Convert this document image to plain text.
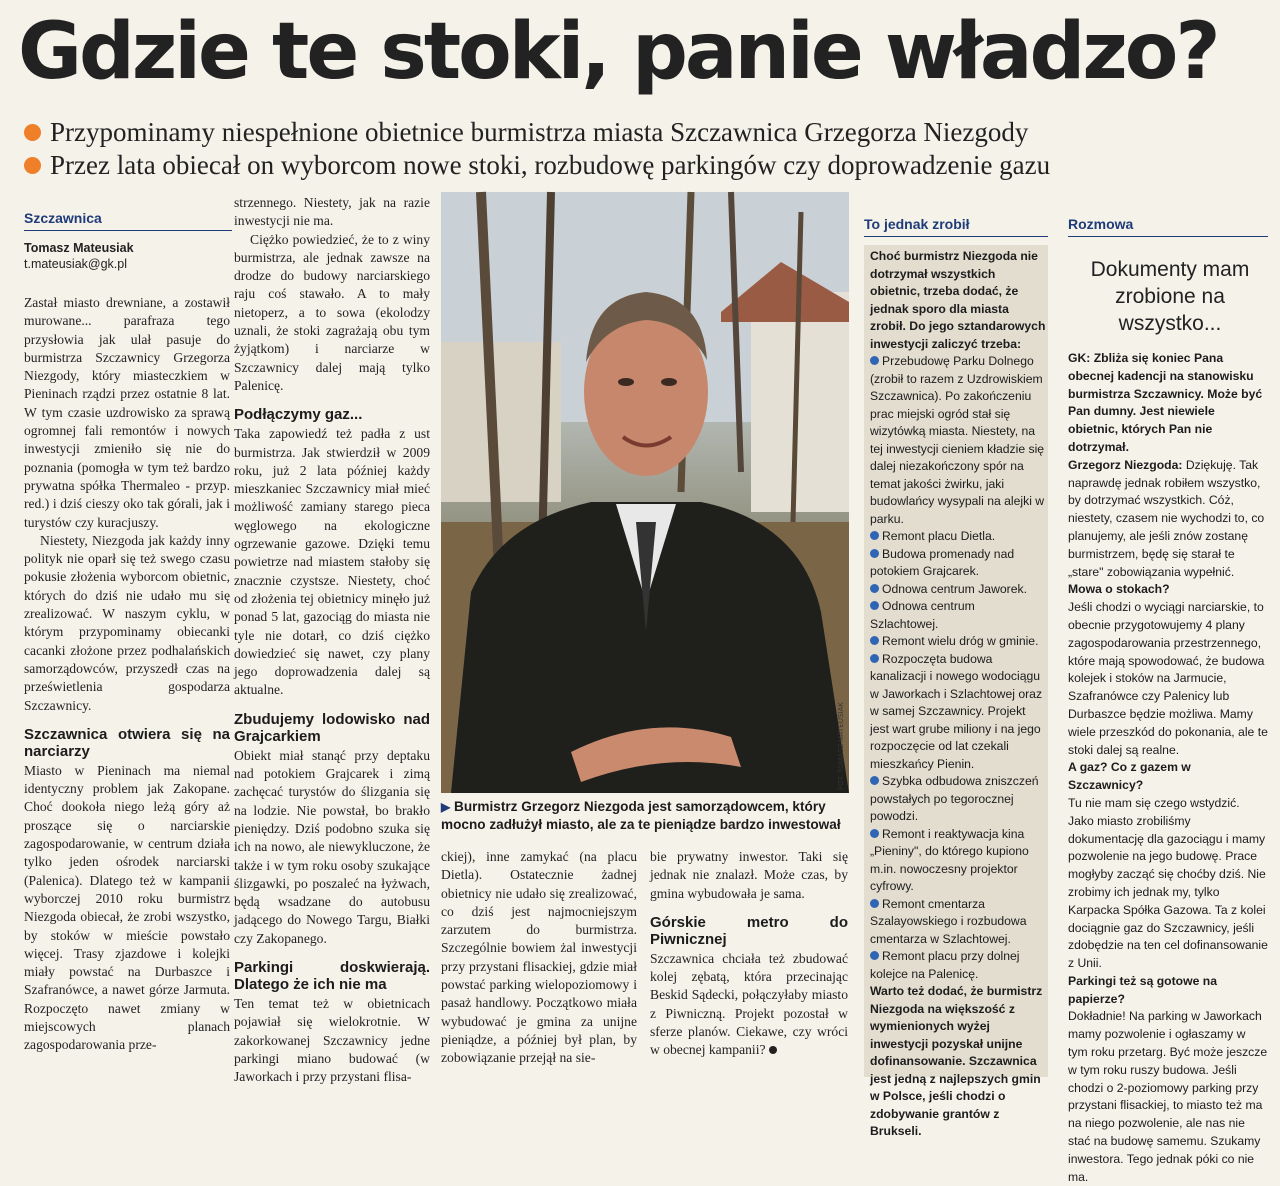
Gdzie te stoki, panie władzo?
Przypominamy niespełnione obietnice burmistrza miasta Szczawnica Grzegorza Niezgody
Przez lata obiecał on wyborcom nowe stoki, rozbudowę parkingów czy doprowadzenie gazu
Szczawnica
Tomasz Mateusiak
t.mateusiak@gk.pl

Zastał miasto drewniane, a zostawił murowane... parafraza tego przysłowia jak ulał pasuje do burmistrza Szczawnicy Grzegorza Niezgody, który miasteczkiem w Pieninach rządzi przez ostatnie 8 lat. W tym czasie uzdrowisko za sprawą ogromnej fali remontów i nowych inwestycji zmieniło się nie do poznania (pomogła w tym też bardzo prywatna spółka Thermaleo - przyp. red.) i dziś cieszy oko tak górali, jak i turystów czy kuracjuszy.

Niestety, Niezgoda jak każdy inny polityk nie oparł się też swego czasu pokusie złożenia wyborcom obietnic, których do dziś nie udało mu się zrealizować. W naszym cyklu, w którym przypominamy obiecanki cacanki złożone przez podhalańskich samorządowców, przyszedł czas na prześwietlenia gospodarza Szczawnicy.

Szczawnica otwiera się na narciarzy

Miasto w Pieninach ma niemal identyczny problem jak Zakopane. Choć dookoła niego leżą góry aż proszące się o narciarskie zagospodarowanie, w centrum działa tylko jeden ośrodek narciarski (Palenica). Dlatego też w kampanii wyborczej 2010 roku burmistrz Niezgoda obiecał, że zrobi wszystko, by stoków w mieście powstało więcej. Trasy zjazdowe i kolejki miały powstać na Durbaszce i Szafranówce, a nawet górze Jarmuta. Rozpoczęto nawet zmiany w miejscowych planach zagospodarowania prze-

strzennego. Niestety, jak na razie inwestycji nie ma.

Ciężko powiedzieć, że to z winy burmistrza, ale jednak zawsze na drodze do budowy narciarskiego raju coś stawało. A to mały nietoperz, a to sowa (ekolodzy uznali, że stoki zagrażają obu tym żyjątkom) i narciarze w Szczawnicy dalej mają tylko Palenicę.

Podłączymy gaz...

Taka zapowiedź też padła z ust burmistrza. Jak stwierdził w 2009 roku, już 2 lata później każdy mieszkaniec Szczawnicy miał mieć możliwość zamiany starego pieca węglowego na ekologiczne ogrzewanie gazowe. Dzięki temu powietrze nad miastem stałoby się znacznie czystsze. Niestety, choć od złożenia tej obietnicy minęło już ponad 5 lat, gazociąg do miasta nie tyle nie dotarł, co dziś ciężko dowiedzieć się nawet, czy plany jego doprowadzenia dalej są aktualne.

Zbudujemy lodowisko nad Grajcarkiem

Obiekt miał stanąć przy deptaku nad potokiem Grajcarek i zimą zachęcać turystów do ślizgania się na lodzie. Nie powstał, bo brakło pieniędzy. Dziś podobno szuka się ich na nowo, ale niewykluczone, że także i w tym roku osoby szukające ślizgawki, po poszaleć na łyżwach, będą wsadzane do autobusu jadącego do Nowego Targu, Białki czy Zakopanego.

Parkingi doskwierają. Dlatego że ich nie ma

Ten temat też w obietnicach pojawiał się wielokrotnie. W zakorkowanej Szczawnicy jedne parkingi miano budować (w Jaworkach i przy przystani flisa-

FOT. TOMASZ MATEUSIAK
▶ Burmistrz Grzegorz Niezgoda jest samorządowcem, który mocno zadłużył miasto, ale za te pieniądze bardzo inwestował

ckiej), inne zamykać (na placu Dietla). Ostatecznie żadnej obietnicy nie udało się zrealizować, co dziś jest najmocniejszym zarzutem do burmistrza. Szczególnie bowiem żal inwestycji przy przystani flisackiej, gdzie miał powstać parking wielopoziomowy i pasaż handlowy. Początkowo miała wybudować je gmina za unijne pieniądze, a później był plan, by zobowiązanie przejął na sie-

bie prywatny inwestor. Taki się jednak nie znalazł. Może czas, by gmina wybudowała je sama.

Górskie metro do Piwnicznej

Szczawnica chciała też zbudować kolej zębatą, która przecinając Beskid Sądecki, połączyłaby miasto z Piwniczną. Projekt pozostał w sferze planów. Ciekawe, czy wróci w obecnej kampanii?

To jednak zrobił
Choć burmistrz Niezgoda nie dotrzymał wszystkich obietnic, trzeba dodać, że jednak sporo dla miasta zrobił. Do jego sztandarowych inwestycji zaliczyć trzeba:
Przebudowę Parku Dolnego (zrobił to razem z Uzdrowiskiem Szczawnica). Po zakończeniu prac miejski ogród stał się wizytówką miasta. Niestety, na tej inwestycji cieniem kładzie się dalej niezakończony spór na temat jakości żwirku, jaki budowlańcy wysypali na alejki w parku.
Remont placu Dietla.
Budowa promenady nad potokiem Grajcarek.
Odnowa centrum Jaworek.
Odnowa centrum Szlachtowej.
Remont wielu dróg w gminie.
Rozpoczęta budowa kanalizacji i nowego wodociągu w Jaworkach i Szlachtowej oraz w samej Szczawnicy. Projekt jest wart grube miliony i na jego rozpoczęcie od lat czekali mieszkańcy Pienin.
Szybka odbudowa zniszczeń powstałych po tegorocznej powodzi.
Remont i reaktywacja kina „Pieniny", do którego kupiono m.in. nowoczesny projektor cyfrowy.
Remont cmentarza Szalayowskiego i rozbudowa cmentarza w Szlachtowej.
Remont placu przy dolnej kolejce na Palenicę.
Warto też dodać, że burmistrz Niezgoda na większość z wymienionych wyżej inwestycji pozyskał unijne dofinansowanie. Szczawnica jest jedną z najlepszych gmin w Polsce, jeśli chodzi o zdobywanie grantów z Brukseli.
Rozmowa
Dokumenty mam zrobione na wszystko...
GK: Zbliża się koniec Pana obecnej kadencji na stanowisku burmistrza Szczawnicy. Może być Pan dumny. Jest niewiele obietnic, których Pan nie dotrzymał.
Grzegorz Niezgoda: Dziękuję. Tak naprawdę jednak robiłem wszystko, by dotrzymać wszystkich. Cóż, niestety, czasem nie wychodzi to, co planujemy, ale jeśli znów zostanę burmistrzem, będę się starał te „stare" zobowiązania wypełnić.
Mowa o stokach?
Jeśli chodzi o wyciągi narciarskie, to obecnie przygotowujemy 4 plany zagospodarowania przestrzennego, które mają spowodować, że budowa kolejek i stoków na Jarmucie, Szafranówce czy Palenicy lub Durbaszce będzie możliwa. Mamy wiele przeszkód do pokonania, ale te stoki dalej są realne.
A gaz? Co z gazem w Szczawnicy?
Tu nie mam się czego wstydzić. Jako miasto zrobiliśmy dokumentację dla gazociągu i mamy pozwolenie na jego budowę. Prace mogłyby zacząć się choćby dziś. Nie zrobimy ich jednak my, tylko Karpacka Spółka Gazowa. Ta z kolei dociągnie gaz do Szczawnicy, jeśli zdobędzie na ten cel dofinansowanie z Unii.
Parkingi też są gotowe na papierze?
Dokładnie! Na parking w Jaworkach mamy pozwolenie i ogłaszamy w tym roku przetarg. Być może jeszcze w tym roku ruszy budowa. Jeśli chodzi o 2-poziomowy parking przy przystani flisackiej, to miasto też ma na niego pozwolenie, ale nas nie stać na budowę samemu. Szukamy inwestora. Tego jednak póki co nie ma.
